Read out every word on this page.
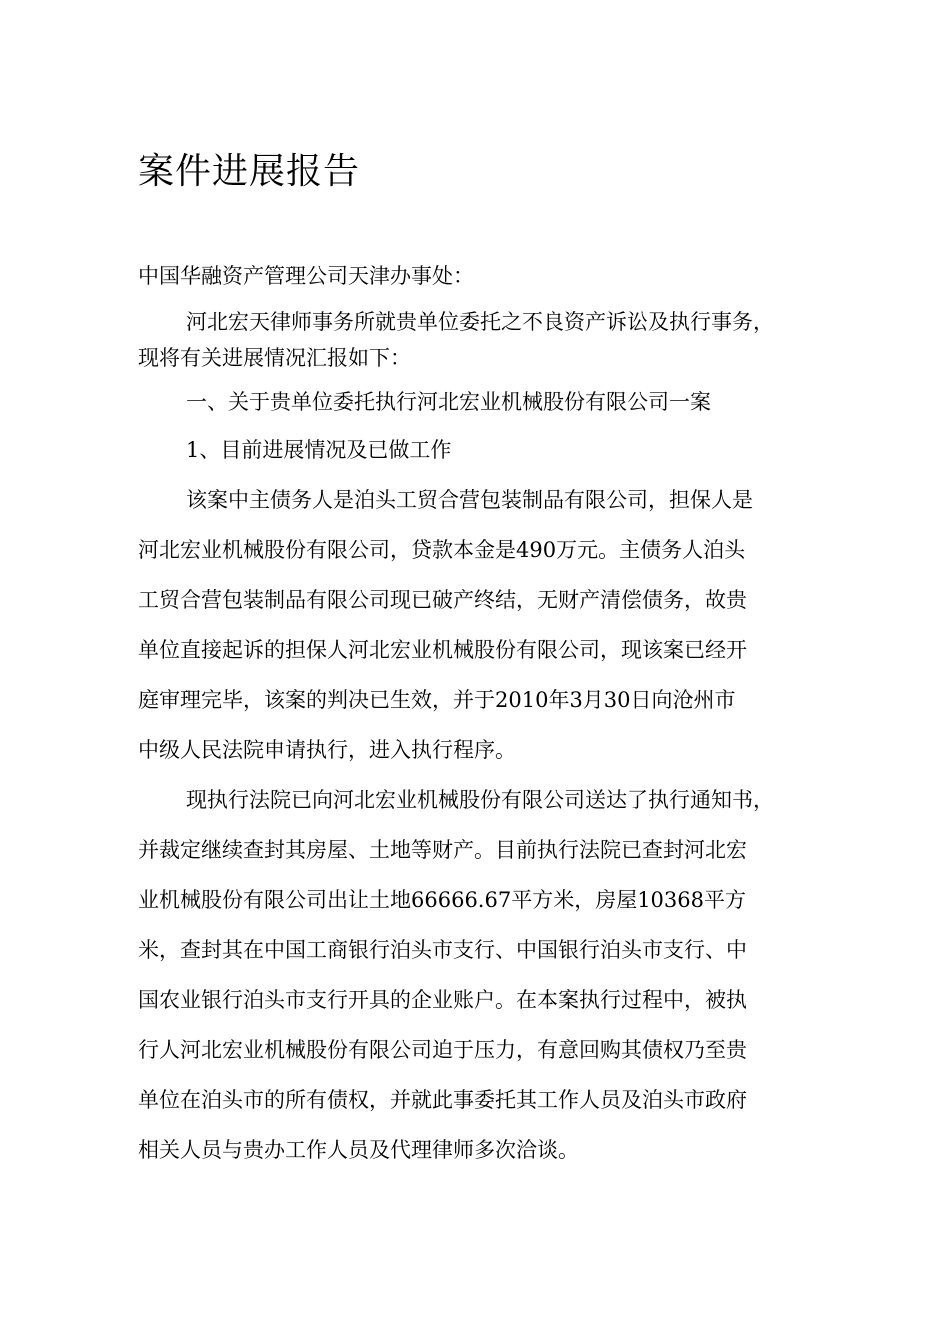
案件进展报告

中国华融资产管理公司天津办事处：

河北宏天律师事务所就贵单位委托之不良资产诉讼及执行事务，

现将有关进展情况汇报如下：

一、关于贵单位委托执行河北宏业机械股份有限公司一案

1、目前进展情况及已做工作

该案中主债务人是泊头工贸合营包装制品有限公司，担保人是

河北宏业机械股份有限公司，贷款本金是490万元。主债务人泊头

工贸合营包装制品有限公司现已破产终结，无财产清偿债务，故贵

单位直接起诉的担保人河北宏业机械股份有限公司，现该案已经开

庭审理完毕，该案的判决已生效，并于2010年3月30日向沧州市

中级人民法院申请执行，进入执行程序。

现执行法院已向河北宏业机械股份有限公司送达了执行通知书，

并裁定继续查封其房屋、土地等财产。目前执行法院已查封河北宏

业机械股份有限公司出让土地66666.67平方米，房屋10368平方

米，查封其在中国工商银行泊头市支行、中国银行泊头市支行、中

国农业银行泊头市支行开具的企业账户。在本案执行过程中，被执

行人河北宏业机械股份有限公司迫于压力，有意回购其债权乃至贵

单位在泊头市的所有债权，并就此事委托其工作人员及泊头市政府

相关人员与贵办工作人员及代理律师多次洽谈。
